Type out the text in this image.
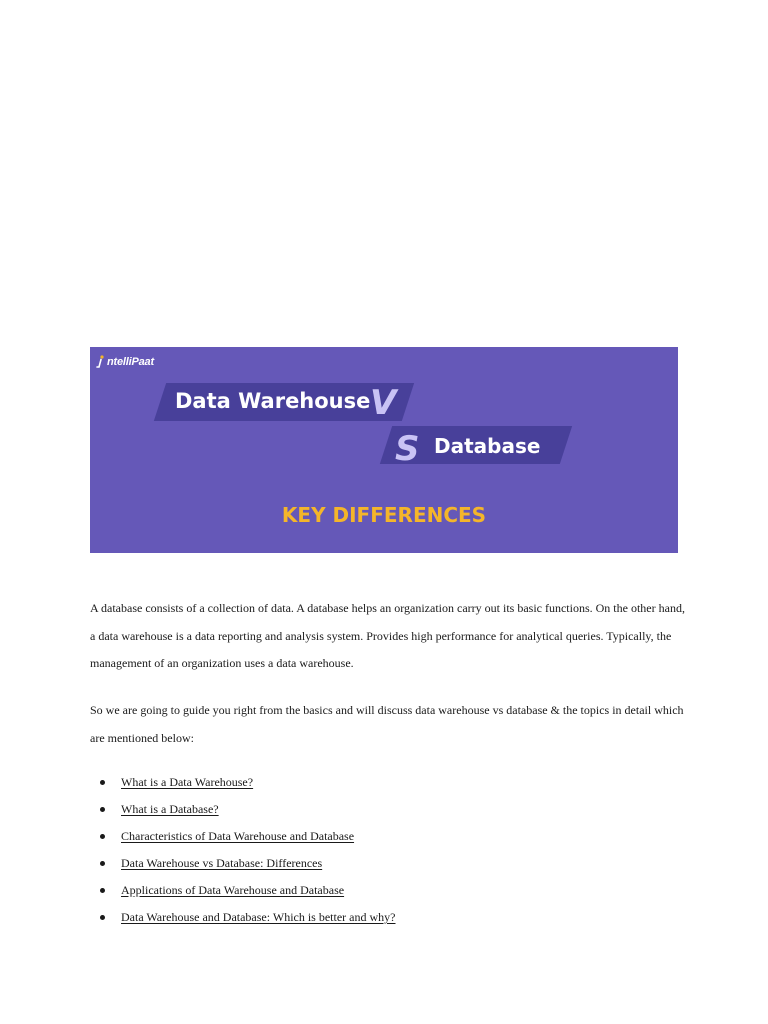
ntelliPaat
Data Warehouse V
S Database
KEY DIFFERENCES

A database consists of a collection of data. A database helps an organization carry out its basic functions. On the other hand, a data warehouse is a data reporting and analysis system. Provides high performance for analytical queries. Typically, the management of an organization uses a data warehouse.

So we are going to guide you right from the basics and will discuss data warehouse vs database & the topics in detail which are mentioned below:

What is a Data Warehouse?
What is a Database?
Characteristics of Data Warehouse and Database
Data Warehouse vs Database: Differences
Applications of Data Warehouse and Database
Data Warehouse and Database: Which is better and why?
